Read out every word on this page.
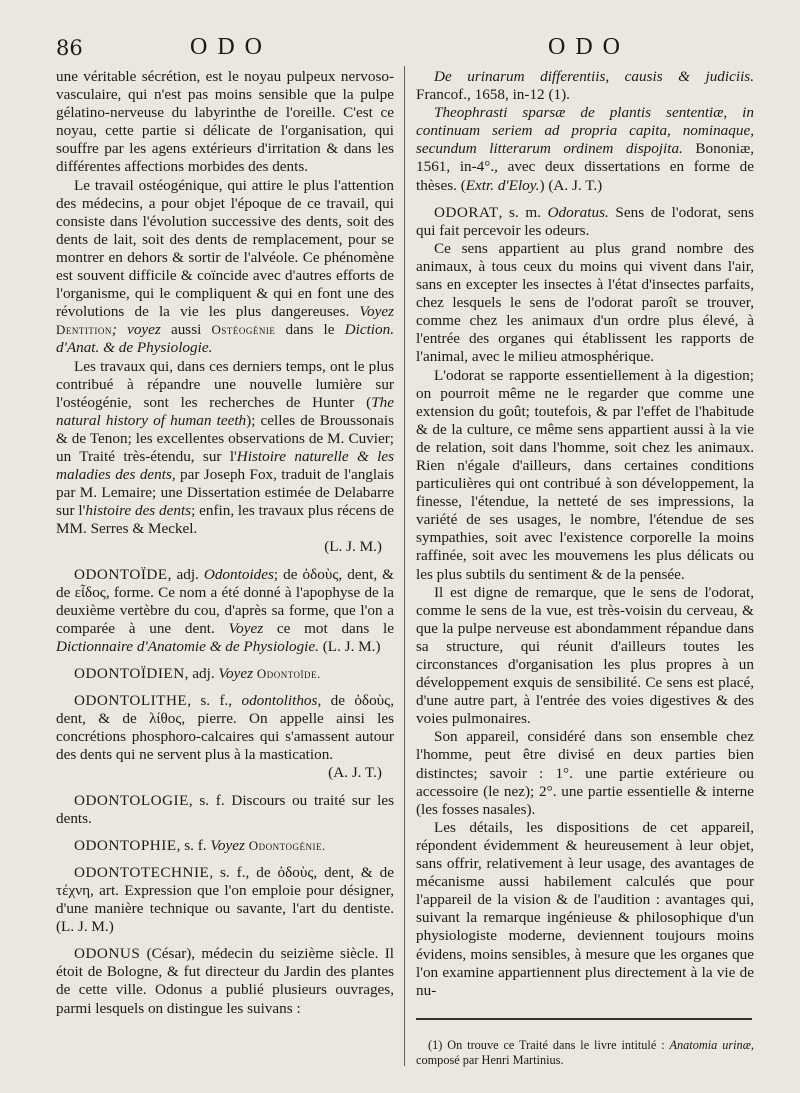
86	ODO	ODO

une véritable sécrétion, est le noyau pulpeux nervoso-vasculaire, qui n'est pas moins sensible que la pulpe gélatino-nerveuse du labyrinthe de l'oreille. C'est ce noyau, cette partie si délicate de l'organisation, qui souffre par les agens extérieurs d'irritation & dans les différentes affections morbides des dents.

Le travail ostéogénique, qui attire le plus l'attention des médecins, a pour objet l'époque de ce travail, qui consiste dans l'évolution successive des dents, soit des dents de lait, soit des dents de remplacement, pour se montrer en dehors & sortir de l'alvéole. Ce phénomène est souvent difficile & coïncide avec d'autres efforts de l'organisme, qui le compliquent & qui en font une des révolutions de la vie les plus dangereuses. Voyez Dentition; voyez aussi Ostéogénie dans le Diction. d'Anat. & de Physiologie.

Les travaux qui, dans ces derniers temps, ont le plus contribué à répandre une nouvelle lumière sur l'ostéogénie, sont les recherches de Hunter (The natural history of human teeth); celles de Broussonais & de Tenon; les excellentes observations de M. Cuvier; un Traité très-étendu, sur l'Histoire naturelle & les maladies des dents, par Joseph Fox, traduit de l'anglais par M. Lemaire; une Dissertation estimée de Delabarre sur l'histoire des dents; enfin, les travaux plus récens de MM. Serres & Meckel.

(L. J. M.)

ODONTOÏDE, adj. Odontoides; de ὀδοὺς, dent, & de εἶδος, forme. Ce nom a été donné à l'apophyse de la deuxième vertèbre du cou, d'après sa forme, que l'on a comparée à une dent. Voyez ce mot dans le Dictionnaire d'Anatomie & de Physiologie. (L. J. M.)

ODONTOÏDIEN, adj. Voyez Odontoïde.

ODONTOLITHE, s. f., odontolithos, de ὀδοὺς, dent, & de λίθος, pierre. On appelle ainsi les concrétions phosphoro-calcaires qui s'amassent autour des dents qui ne servent plus à la mastication.

(A. J. T.)

ODONTOLOGIE, s. f. Discours ou traité sur les dents.

ODONTOPHIE, s. f. Voyez Odontogénie.

ODONTOTECHNIE, s. f., de ὀδοὺς, dent, & de τέχνη, art. Expression que l'on emploie pour désigner, d'une manière technique ou savante, l'art du dentiste. (L. J. M.)

ODONUS (César), médecin du seizième siècle. Il étoit de Bologne, & fut directeur du Jardin des plantes de cette ville. Odonus a publié plusieurs ouvrages, parmi lesquels on distingue les suivans :

De urinarum differentiis, causis & judiciis. Francof., 1658, in-12 (1).

Theophrasti sparsæ de plantis sententiæ, in continuam seriem ad propria capita, nominaque, secundum litterarum ordinem dispojita. Bononiæ, 1561, in-4°., avec deux dissertations en forme de thèses. (Extr. d'Eloy.) (A. J. T.)

ODORAT, s. m. Odoratus. Sens de l'odorat, sens qui fait percevoir les odeurs.

Ce sens appartient au plus grand nombre des animaux, à tous ceux du moins qui vivent dans l'air, sans en excepter les insectes à l'état d'insectes parfaits, chez lesquels le sens de l'odorat paroît se trouver, comme chez les animaux d'un ordre plus élevé, à l'entrée des organes qui établissent les rapports de l'animal, avec le milieu atmosphérique.

L'odorat se rapporte essentiellement à la digestion; on pourroit même ne le regarder que comme une extension du goût; toutefois, & par l'effet de l'habitude & de la culture, ce même sens appartient aussi à la vie de relation, soit dans l'homme, soit chez les animaux. Rien n'égale d'ailleurs, dans certaines conditions particulières qui ont contribué à son développement, la finesse, l'étendue, la netteté de ses impressions, la variété de ses usages, le nombre, l'étendue de ses sympathies, soit avec l'existence corporelle la moins raffinée, soit avec les mouvemens les plus délicats ou les plus subtils du sentiment & de la pensée.

Il est digne de remarque, que le sens de l'odorat, comme le sens de la vue, est très-voisin du cerveau, & que la pulpe nerveuse est abondamment répandue dans sa structure, qui réunit d'ailleurs toutes les circonstances d'organisation les plus propres à un développement exquis de sensibilité. Ce sens est placé, d'une autre part, à l'entrée des voies digestives & des voies pulmonaires.

Son appareil, considéré dans son ensemble chez l'homme, peut être divisé en deux parties bien distinctes; savoir : 1°. une partie extérieure ou accessoire (le nez); 2°. une partie essentielle & interne (les fosses nasales).

Les détails, les dispositions de cet appareil, répondent évidemment & heureusement à leur objet, sans offrir, relativement à leur usage, des avantages de mécanisme aussi habilement calculés que pour l'appareil de la vision & de l'audition : avantages qui, suivant la remarque ingénieuse & philosophique d'un physiologiste moderne, deviennent toujours moins évidens, moins sensibles, à mesure que les organes que l'on examine appartiennent plus directement à la vie de nu-

(1) On trouve ce Traité dans le livre intitulé : Anatomia urinæ, composé par Henri Martinius.
